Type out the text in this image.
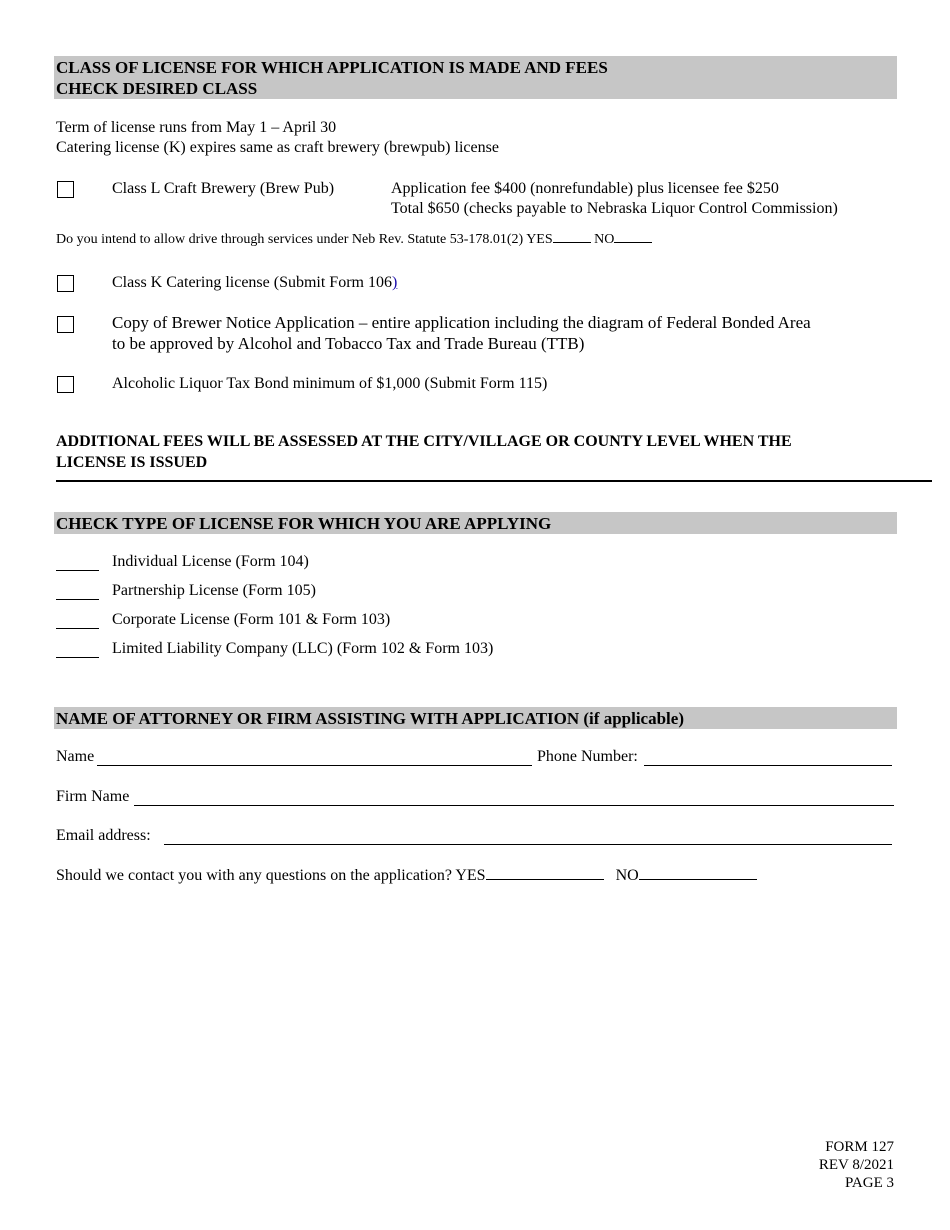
CLASS OF LICENSE FOR WHICH APPLICATION IS MADE AND FEES
CHECK DESIRED CLASS
Term of license runs from May 1 – April 30
Catering license (K) expires same as craft brewery (brewpub) license
Class L Craft Brewery (Brew Pub)	Application fee $400 (nonrefundable) plus licensee fee $250
Total $650 (checks payable to Nebraska Liquor Control Commission)
Do you intend to allow drive through services under Neb Rev. Statute 53-178.01(2) YES	NO
Class K Catering license (Submit Form 106)
Copy of Brewer Notice Application – entire application including the diagram of Federal Bonded Area
to be approved by Alcohol and Tobacco Tax and Trade Bureau (TTB)
Alcoholic Liquor Tax Bond minimum of $1,000 (Submit Form 115)
ADDITIONAL FEES WILL BE ASSESSED AT THE CITY/VILLAGE OR COUNTY LEVEL WHEN THE
LICENSE IS ISSUED
CHECK TYPE OF LICENSE FOR WHICH YOU ARE APPLYING
Individual License (Form 104)
Partnership License (Form 105)
Corporate License (Form 101 & Form 103)
Limited Liability Company (LLC) (Form 102 & Form 103)
NAME OF ATTORNEY OR FIRM ASSISTING WITH APPLICATION (if applicable)
Name	Phone Number:
Firm Name
Email address:
Should we contact you with any questions on the application? YES	NO
FORM 127
REV 8/2021
PAGE 3
